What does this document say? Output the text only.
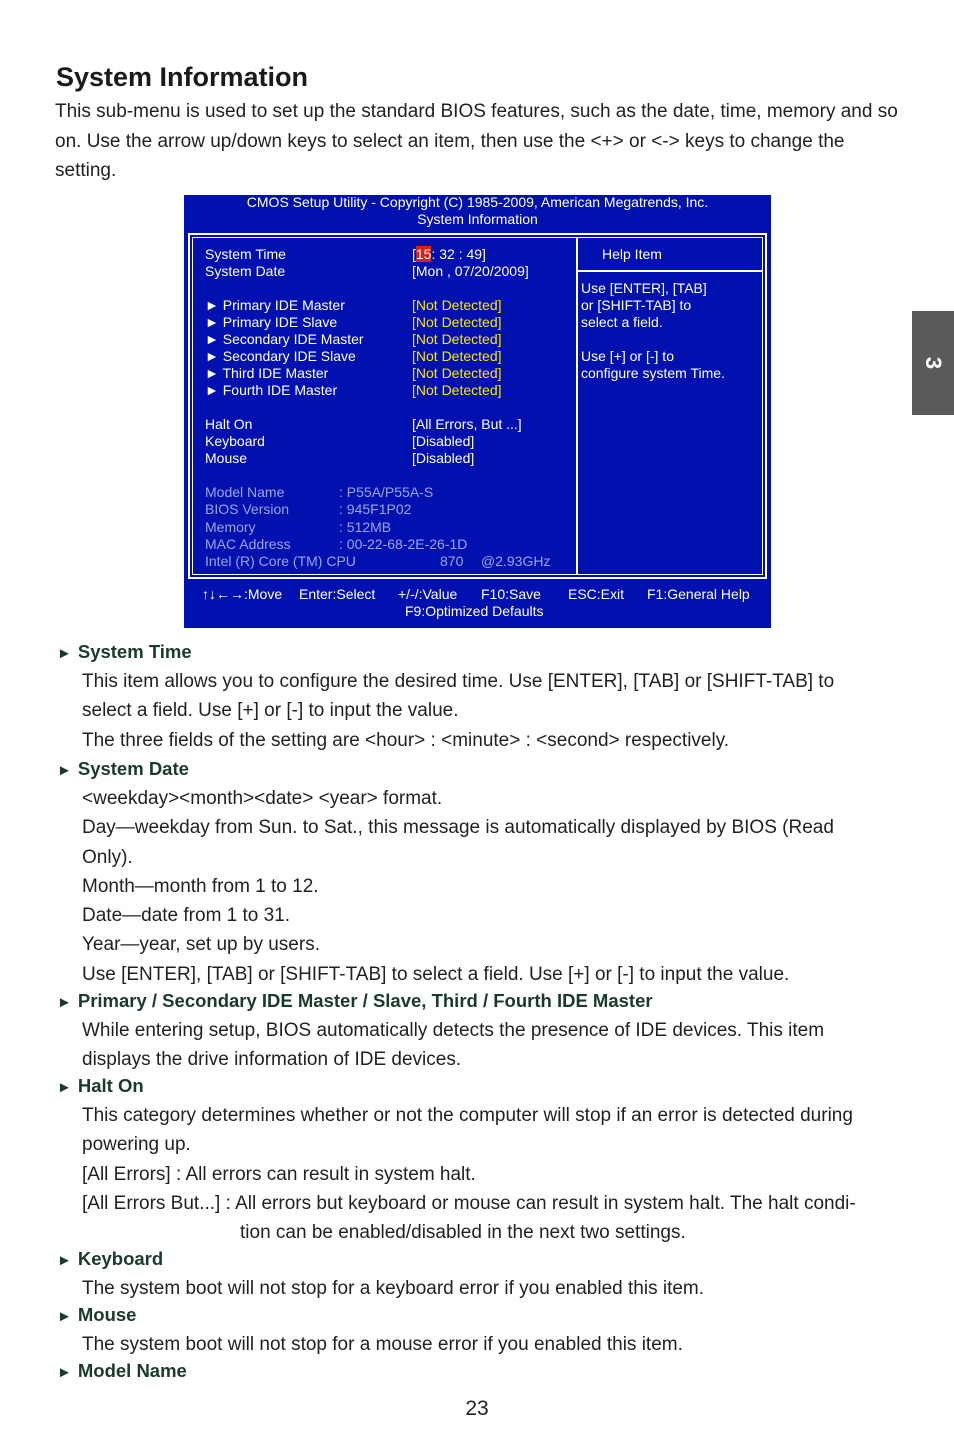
System Information

This sub-menu is used to set up the standard BIOS features, such as the date, time, memory and so on. Use the arrow up/down keys to select an item, then use the <+> or <-> keys to change the setting.

3
CMOS Setup Utility - Copyright (C) 1985-2009, American Megatrends, Inc.
System Information
System Time	[15: 32 : 49]
System Date	[Mon , 07/20/2009]
► Primary IDE Master	[Not Detected]
► Primary IDE Slave	[Not Detected]
► Secondary IDE Master	[Not Detected]
► Secondary IDE Slave	[Not Detected]
► Third IDE Master	[Not Detected]
► Fourth IDE Master	[Not Detected]
Halt On	[All Errors, But ...]
Keyboard	[Disabled]
Mouse	[Disabled]
Model Name	: P55A/P55A-S
BIOS Version	: 945F1P02
Memory	: 512MB
MAC Address	: 00-22-68-2E-26-1D
Intel (R) Core (TM) CPU	870 @2.93GHz
Help Item
Use [ENTER], [TAB]
or [SHIFT-TAB] to
select a field.
Use [+] or [-] to
configure system Time.
↑↓←→:Move Enter:Select +/-/:Value F10:Save ESC:Exit F1:General Help
F9:Optimized Defaults
► System Time

This item allows you to configure the desired time. Use [ENTER], [TAB] or [SHIFT-TAB] to

select a field. Use [+] or [-] to input the value.

The three fields of the setting are <hour> : <minute> : <second> respectively.

► System Date

<weekday><month><date> <year> format.

Day—weekday from Sun. to Sat., this message is automatically displayed by BIOS (Read

Only).

Month—month from 1 to 12.

Date—date from 1 to 31.

Year—year, set up by users.

Use [ENTER], [TAB] or [SHIFT-TAB] to select a field. Use [+] or [-] to input the value.

► Primary / Secondary IDE Master / Slave, Third / Fourth IDE Master

While entering setup, BIOS automatically detects the presence of IDE devices. This item

displays the drive information of IDE devices.

► Halt On

This category determines whether or not the computer will stop if an error is detected during

powering up.

[All Errors] : All errors can result in system halt.

[All Errors But...] : All errors but keyboard or mouse can result in system halt. The halt condi-

tion can be enabled/disabled in the next two settings.

► Keyboard

The system boot will not stop for a keyboard error if you enabled this item.

► Mouse

The system boot will not stop for a mouse error if you enabled this item.

► Model Name

23
